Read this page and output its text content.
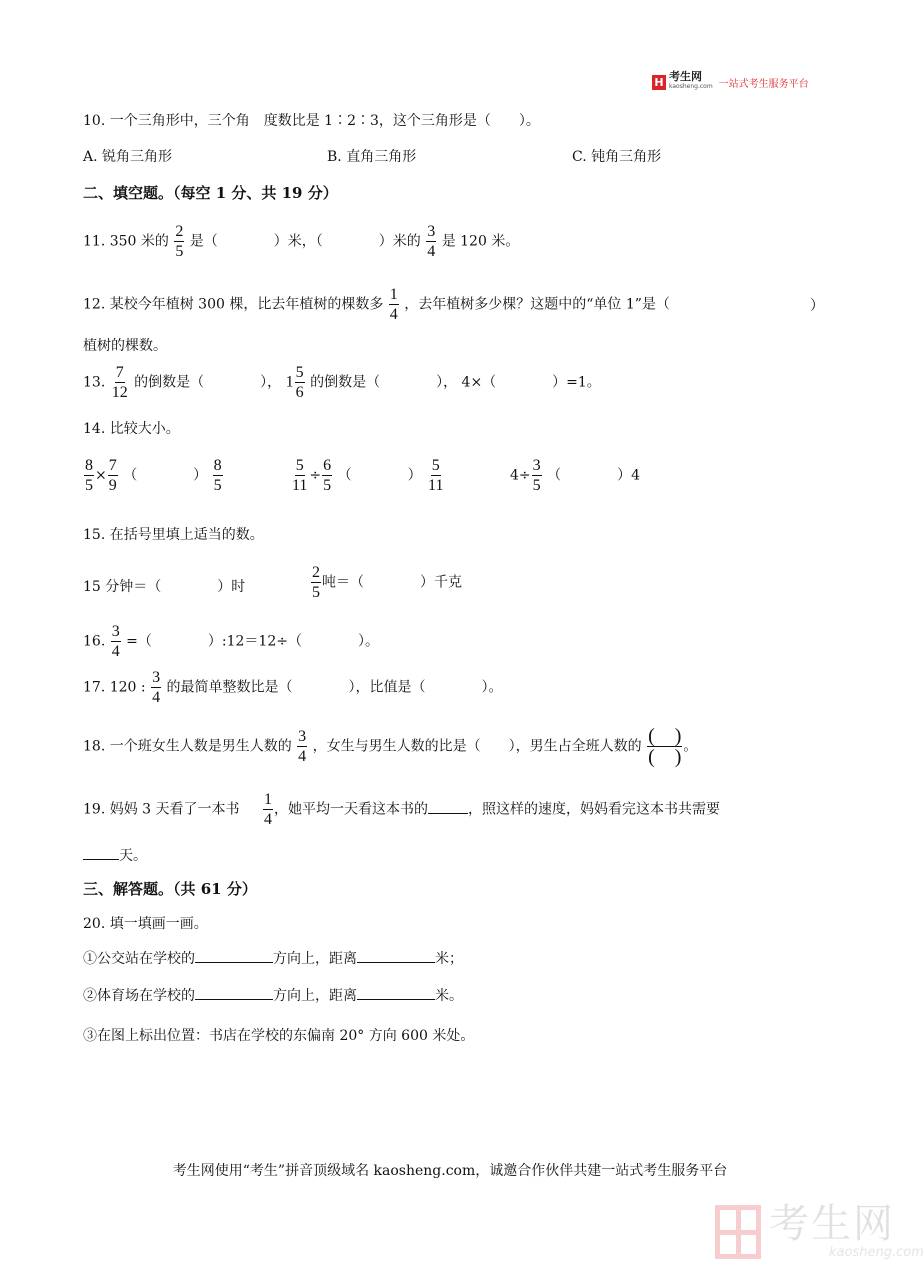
H 考生网
kaosheng.com 一站式考生服务平台
10. 一个三角形中，三个角　度数比是 1∶2∶3，这个三角形是（　　）。
A. 锐角三角形	B. 直角三角形	C. 钝角三角形
二、填空题。（每空 1 分、共 19 分）
11. 350 米的 $\frac{2}{5}$ 是（　　　　）米，（　　　　）米的 $\frac{3}{4}$ 是 120 米。
12. 某校今年植树 300 棵，比去年植树的棵数多 $\frac{1}{4}$ ，去年植树多少棵？这题中的“单位 1”是（	）
植树的棵数。
13. $\frac{7}{12}$ 的倒数是（　　　　）， $1 \frac{5}{6}$ 的倒数是（　　　　）， 4×（　　　　）=1。
14. 比较大小。
$\frac{8}{5} \times \frac{7}{9}$ （　　　　） $\frac{8}{5}$	$\frac{5}{11} \div \frac{6}{5}$ （　　　　） $\frac{5}{11}$	$4\div \frac{3}{5}$ （　　　　）4
15. 在括号里填上适当的数。
15 分钟＝（　　　　）时	$\frac{2}{5}$ 吨＝（　　　　）千克
16. $\frac{3}{4}$ =（　　　　）:12＝12÷（　　　　）。
17. 120 : $\frac{3}{4}$ 的最简单整数比是（　　　　），比值是（　　　　）。
18. 一个班女生人数是男生人数的 $\frac{3}{4}$ ，女生与男生人数的比是（　　），男生占全班人数的 $\frac{( )}{( )}$ 。
19. 妈妈 3 天看了一本书 $\frac{1}{4}$ ，她平均一天看这本书的	，照这样的速度，妈妈看完这本书共需要
天。
三、解答题。（共 61 分）
20. 填一填画一画。
①公交站在学校的	方向上，距离	米；
②体育场在学校的	方向上，距离	米。
③在图上标出位置：书店在学校的东偏南 20° 方向 600 米处。
考生网使用“考生”拼音顶级域名 kaosheng.com，诚邀合作伙伴共建一站式考生服务平台
考生网
kaosheng.com
